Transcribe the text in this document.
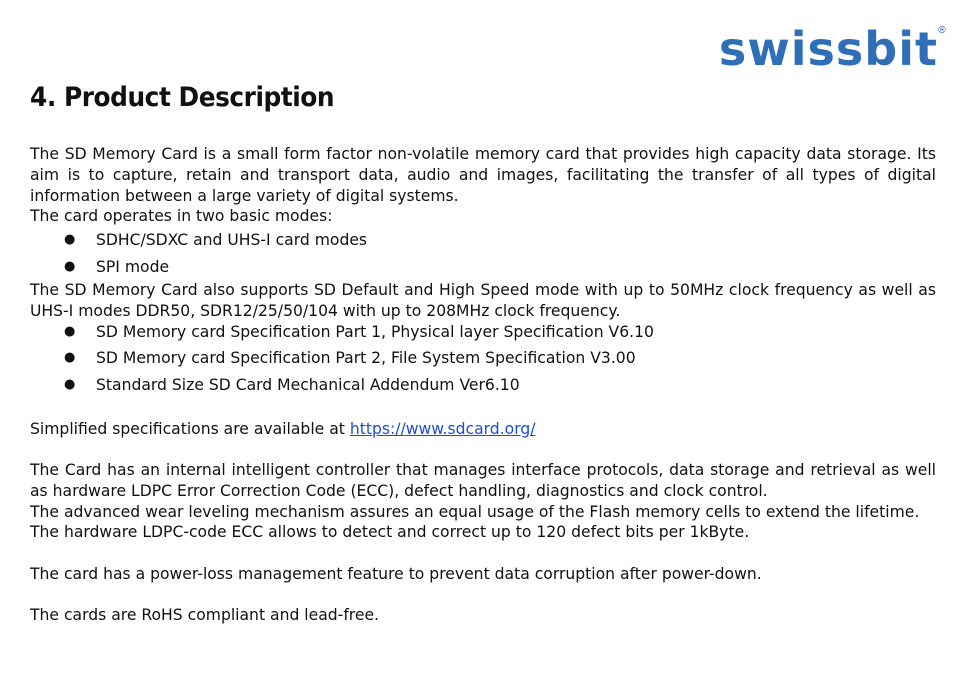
swissbit ®
4. Product Description

The SD Memory Card is a small form factor non-volatile memory card that provides high capacity data storage. Its aim is to capture, retain and transport data, audio and images, facilitating the transfer of all types of digital information between a large variety of digital systems.

The card operates in two basic modes:

● SDHC/SDXC and UHS-I card modes
● SPI mode

The SD Memory Card also supports SD Default and High Speed mode with up to 50MHz clock frequency as well as UHS-I modes DDR50, SDR12/25/50/104 with up to 208MHz clock frequency.

● SD Memory card Specification Part 1, Physical layer Specification V6.10
● SD Memory card Specification Part 2, File System Specification V3.00
● Standard Size SD Card Mechanical Addendum Ver6.10

Simplified specifications are available at https://www.sdcard.org/

The Card has an internal intelligent controller that manages interface protocols, data storage and retrieval as well as hardware LDPC Error Correction Code (ECC), defect handling, diagnostics and clock control.

The advanced wear leveling mechanism assures an equal usage of the Flash memory cells to extend the lifetime.

The hardware LDPC-code ECC allows to detect and correct up to 120 defect bits per 1kByte.

The card has a power-loss management feature to prevent data corruption after power-down.

The cards are RoHS compliant and lead-free.
